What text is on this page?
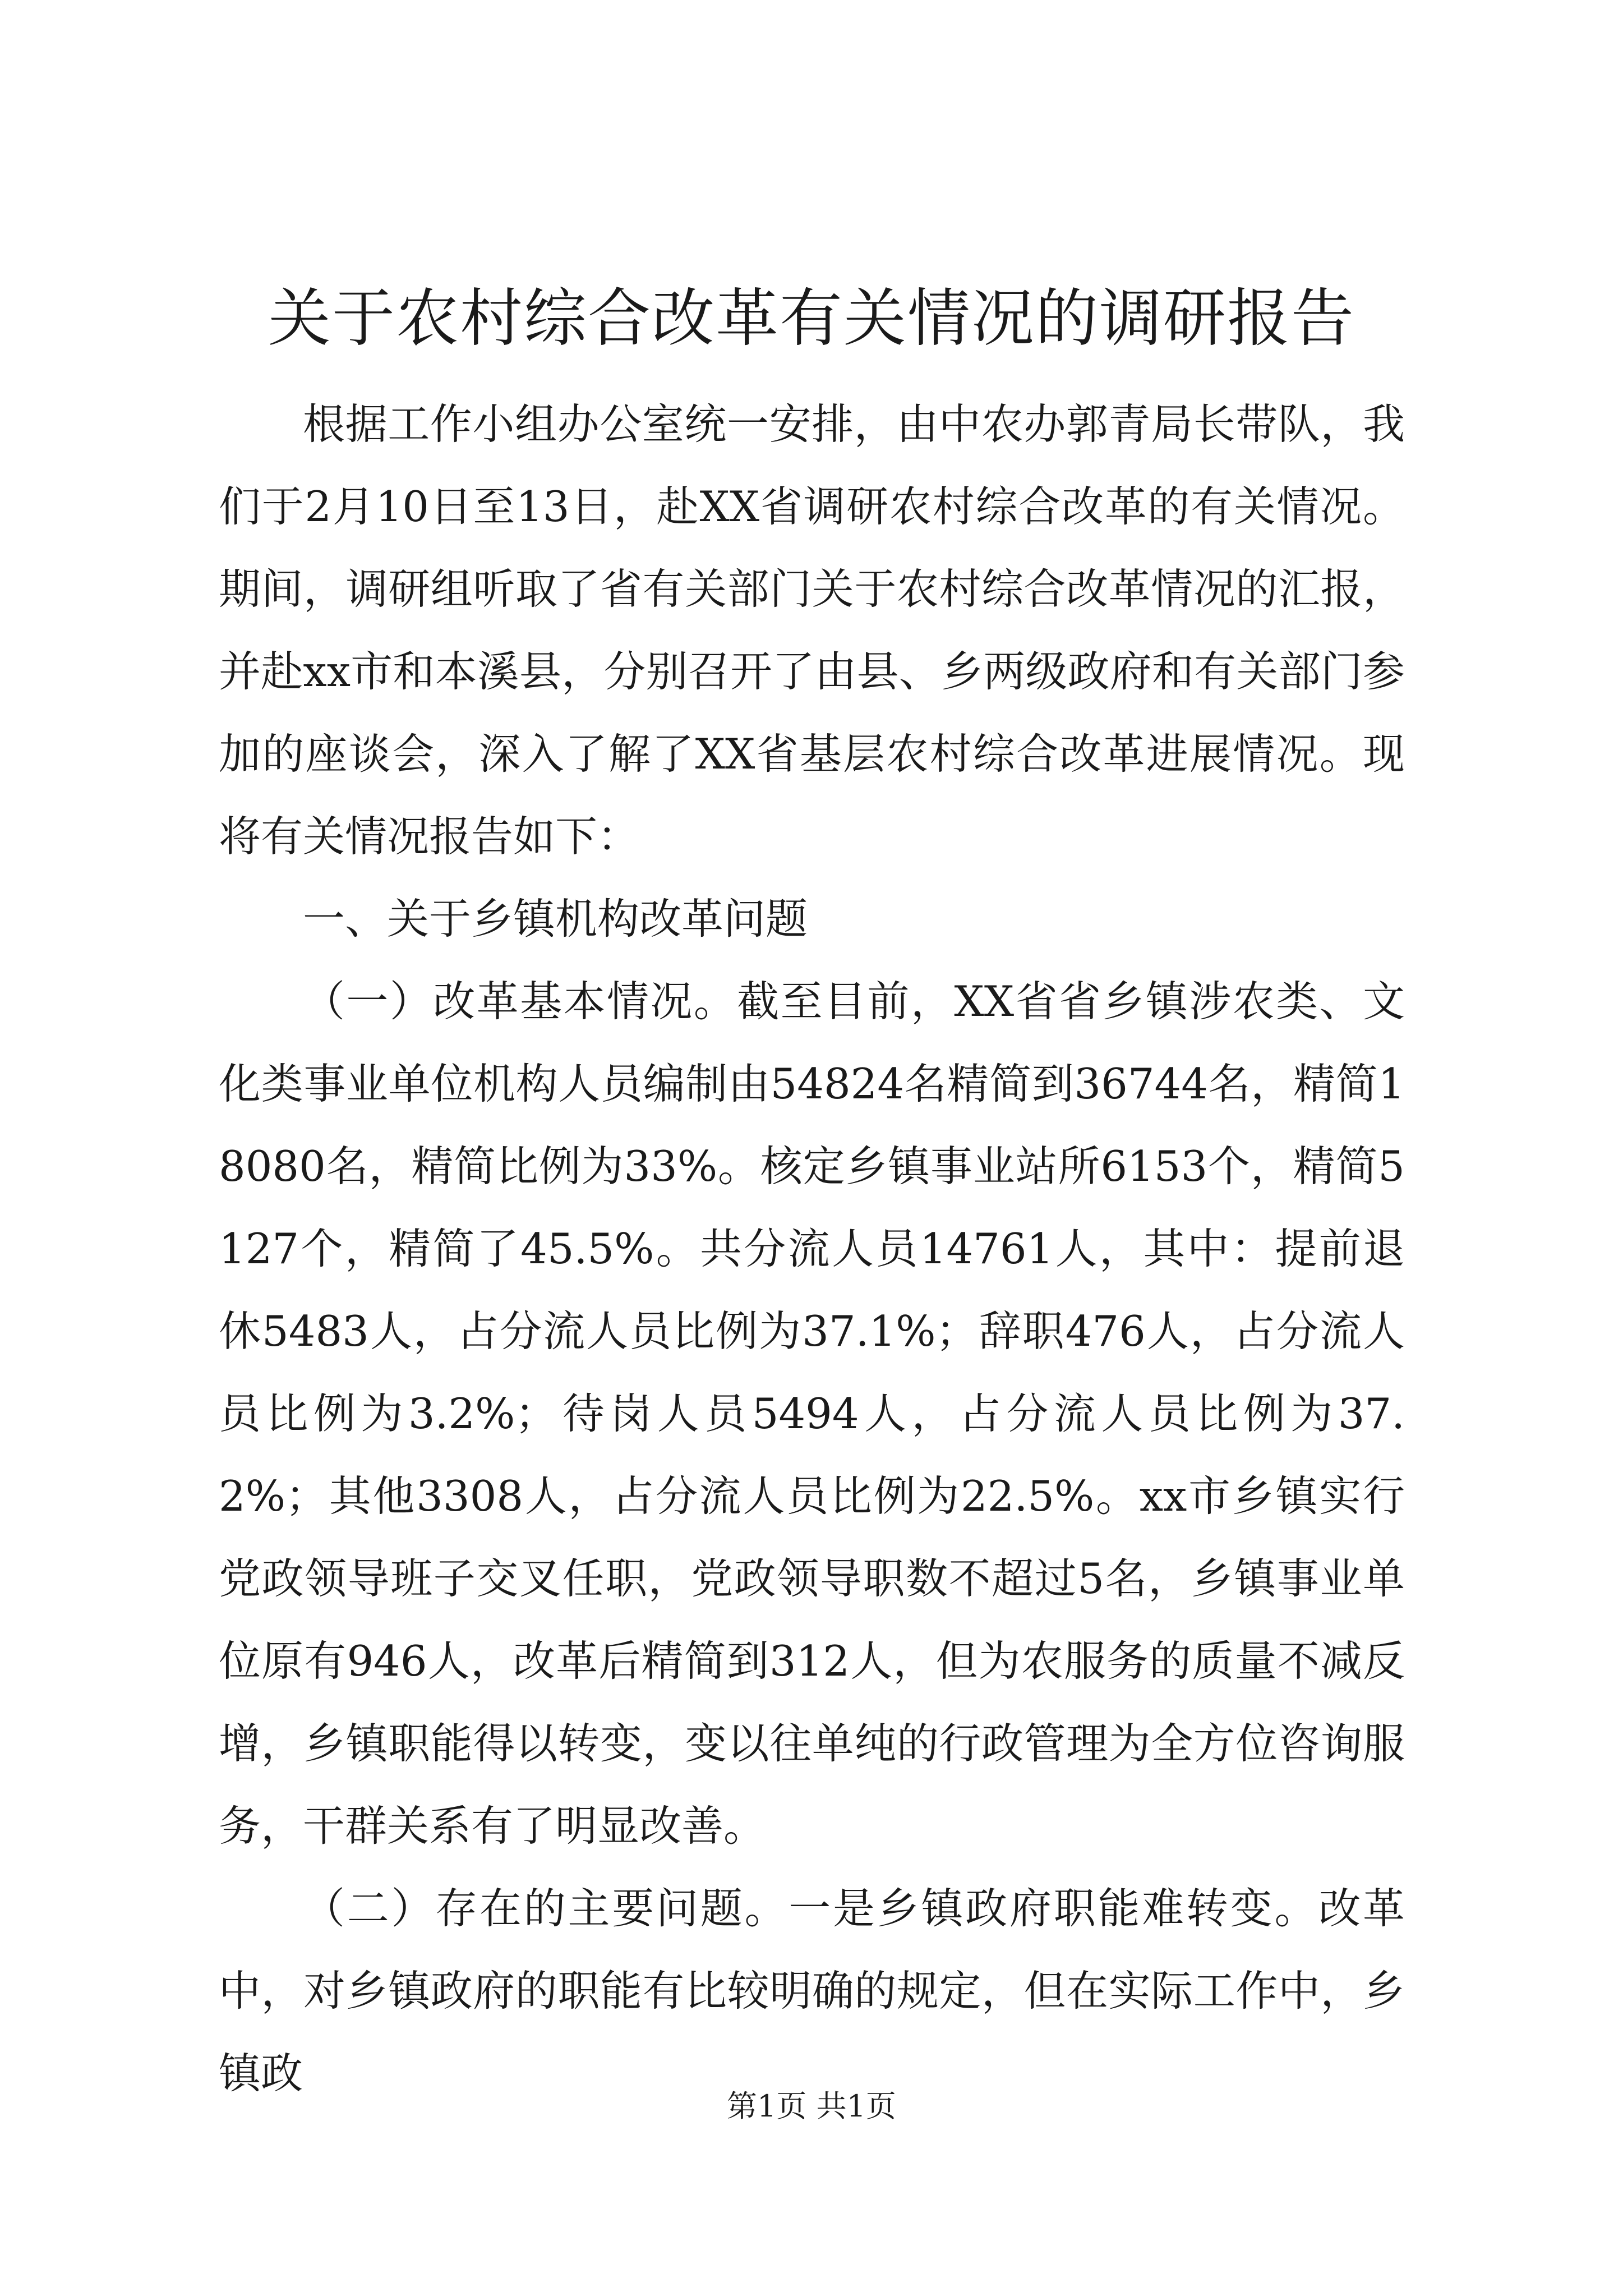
关于农村综合改革有关情况的调研报告

根据工作小组办公室统一安排，由中农办郭青局长带队，我们于2月10日至13日，赴XX省调研农村综合改革的有关情况。期间，调研组听取了省有关部门关于农村综合改革情况的汇报，并赴xx市和本溪县，分别召开了由县、乡两级政府和有关部门参加的座谈会，深入了解了XX省基层农村综合改革进展情况。现将有关情况报告如下：

一、关于乡镇机构改革问题

（一）改革基本情况。截至目前，XX省省乡镇涉农类、文化类事业单位机构人员编制由54824名精简到36744名，精简18080名，精简比例为33%。核定乡镇事业站所6153个，精简5127个，精简了45.5%。共分流人员14761人，其中：提前退休5483人，占分流人员比例为37.1%；辞职476人，占分流人员比例为3.2%；待岗人员5494人，占分流人员比例为37.2%；其他3308人，占分流人员比例为22.5%。xx市乡镇实行党政领导班子交叉任职，党政领导职数不超过5名，乡镇事业单位原有946人，改革后精简到312人，但为农服务的质量不减反增，乡镇职能得以转变，变以往单纯的行政管理为全方位咨询服务，干群关系有了明显改善。

（二）存在的主要问题。一是乡镇政府职能难转变。改革中，对乡镇政府的职能有比较明确的规定，但在实际工作中，乡镇政

第1页 共1页
